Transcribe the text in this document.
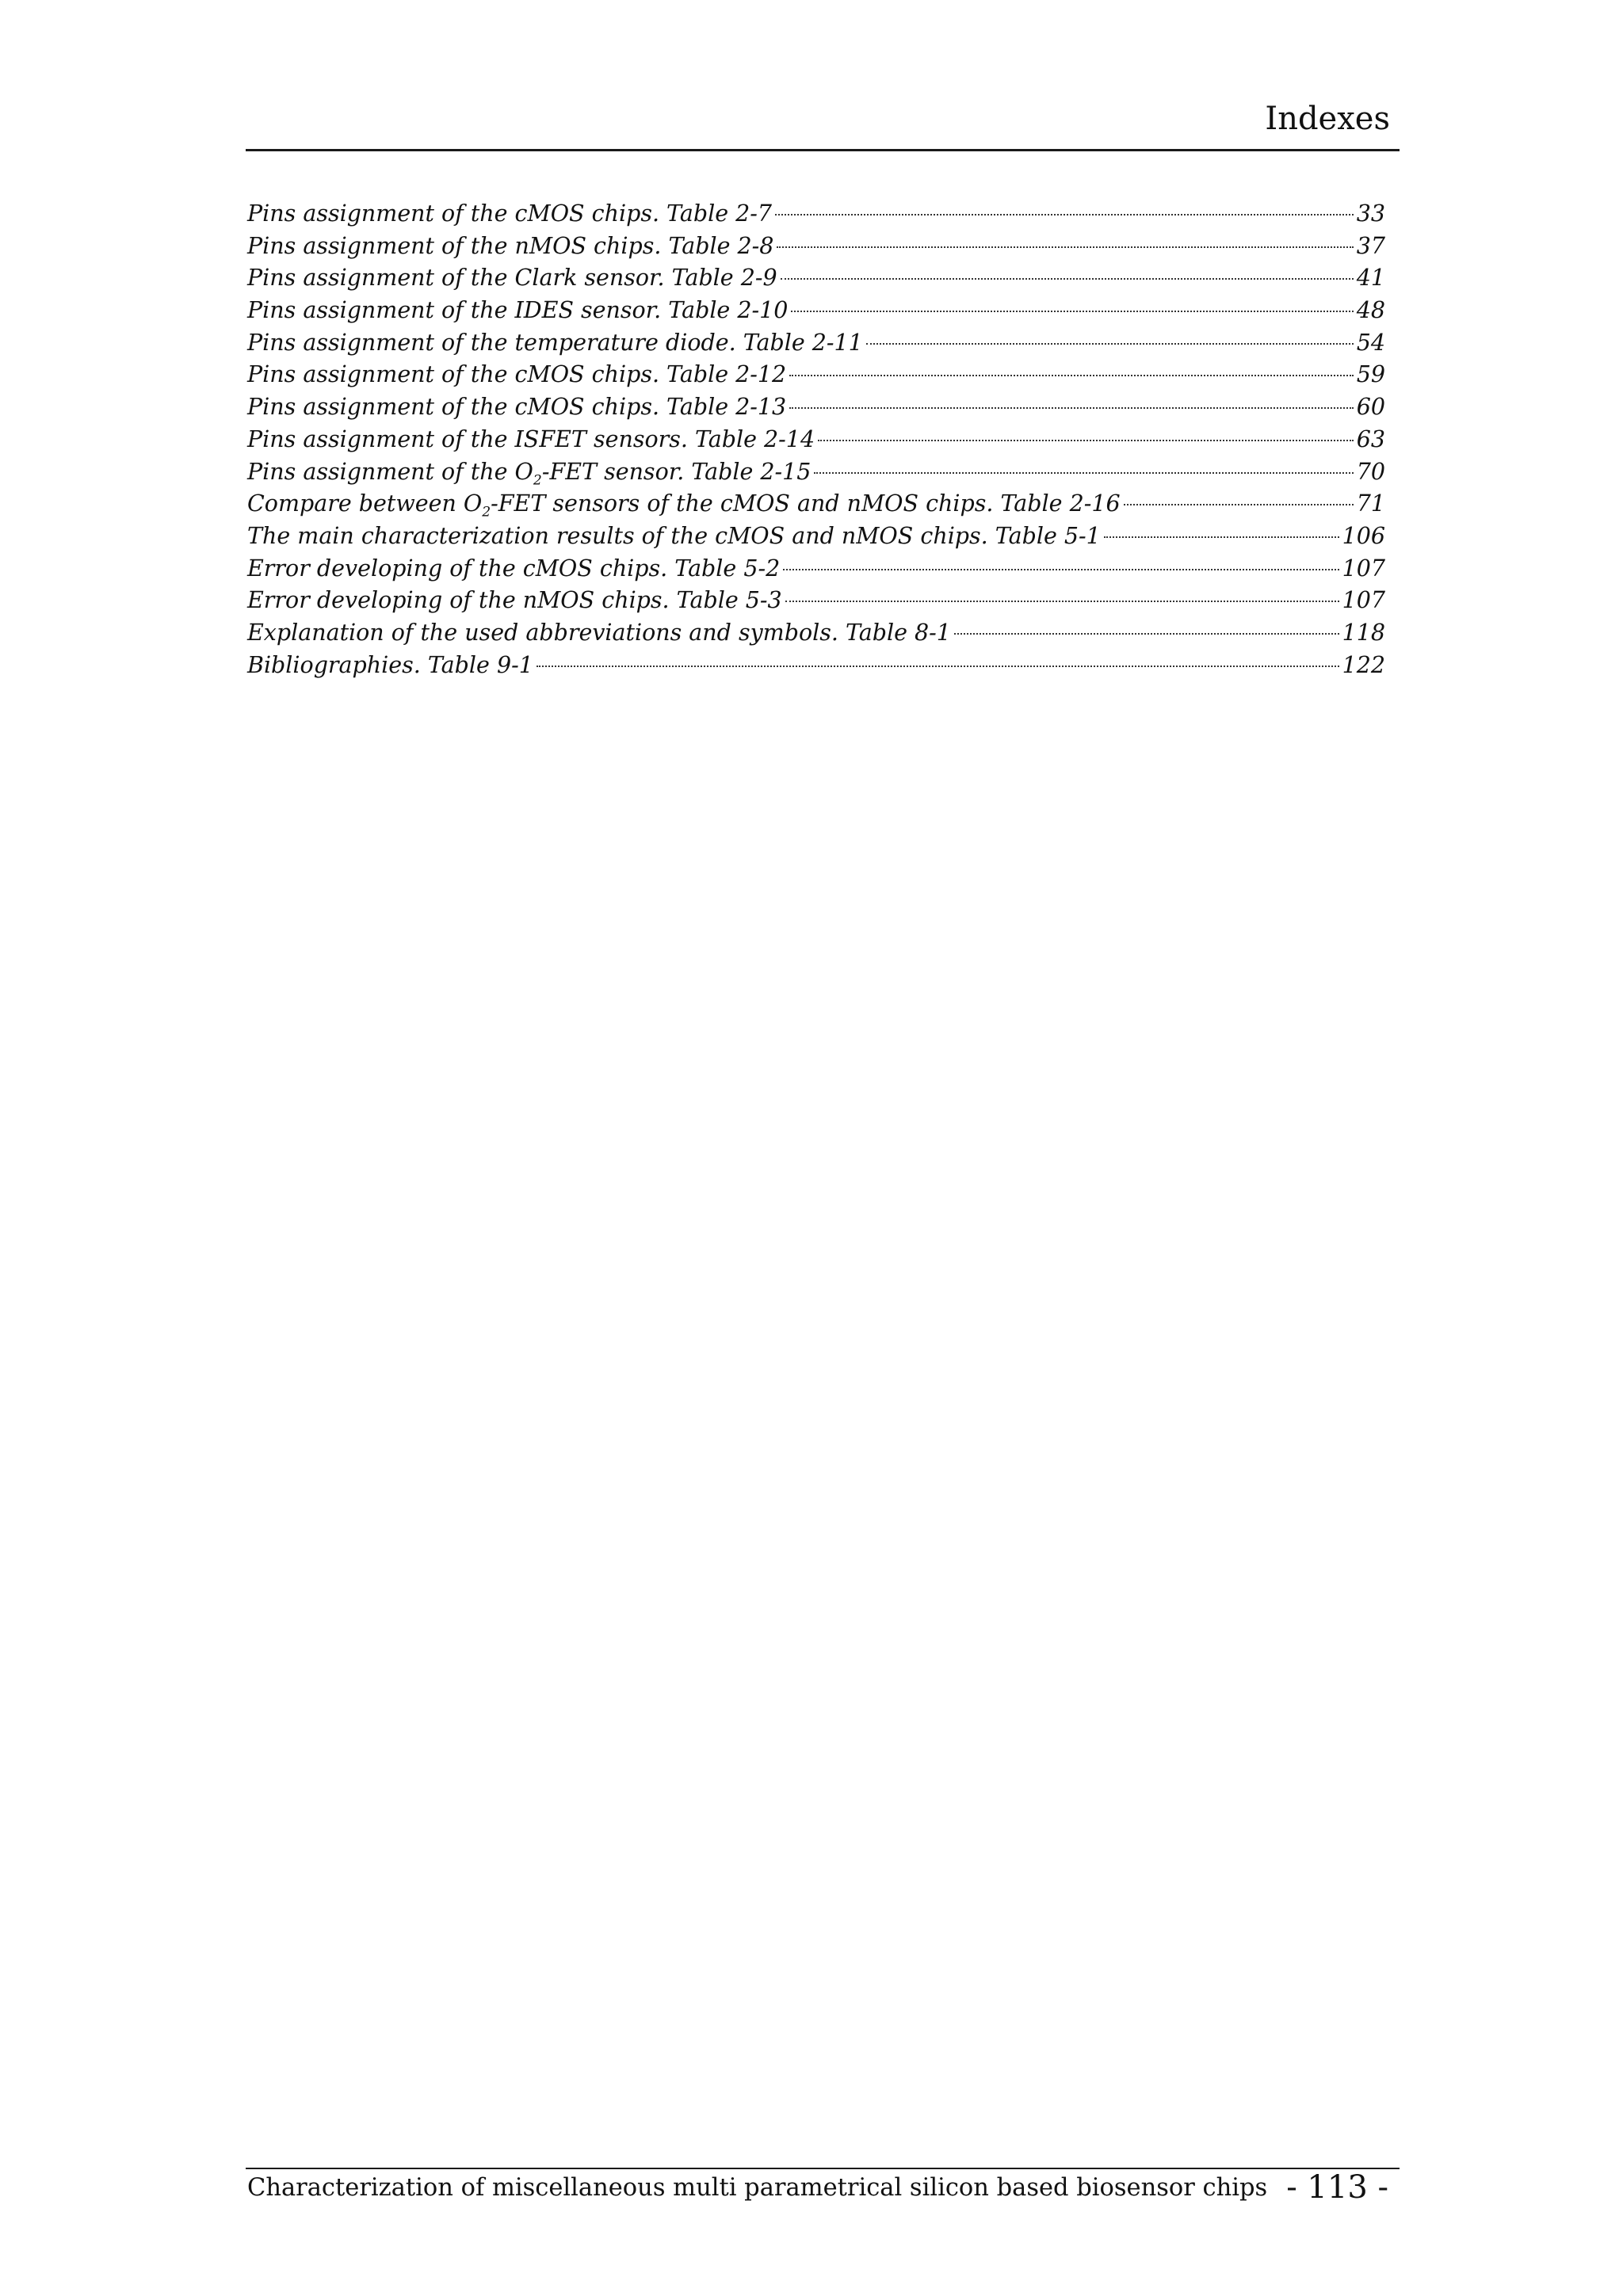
Indexes
Pins assignment of the cMOS chips. Table 2-7	33
Pins assignment of the nMOS chips. Table 2-8	37
Pins assignment of the Clark sensor. Table 2-9	41
Pins assignment of the IDES sensor. Table 2-10	48
Pins assignment of the temperature diode. Table 2-11	54
Pins assignment of the cMOS chips. Table 2-12	59
Pins assignment of the cMOS chips. Table 2-13	60
Pins assignment of the ISFET sensors. Table 2-14	63
Pins assignment of the $O_2$-FET sensor. Table 2-15	70
Compare between $O_2$-FET sensors of the cMOS and nMOS chips. Table 2-16	71
The main characterization results of the cMOS and nMOS chips. Table 5-1	106
Error developing of the cMOS chips. Table 5-2	107
Error developing of the nMOS chips. Table 5-3	107
Explanation of the used abbreviations and symbols. Table 8-1	118
Bibliographies. Table 9-1	122
Characterization of miscellaneous multi parametrical silicon based biosensor chips - 113 -
